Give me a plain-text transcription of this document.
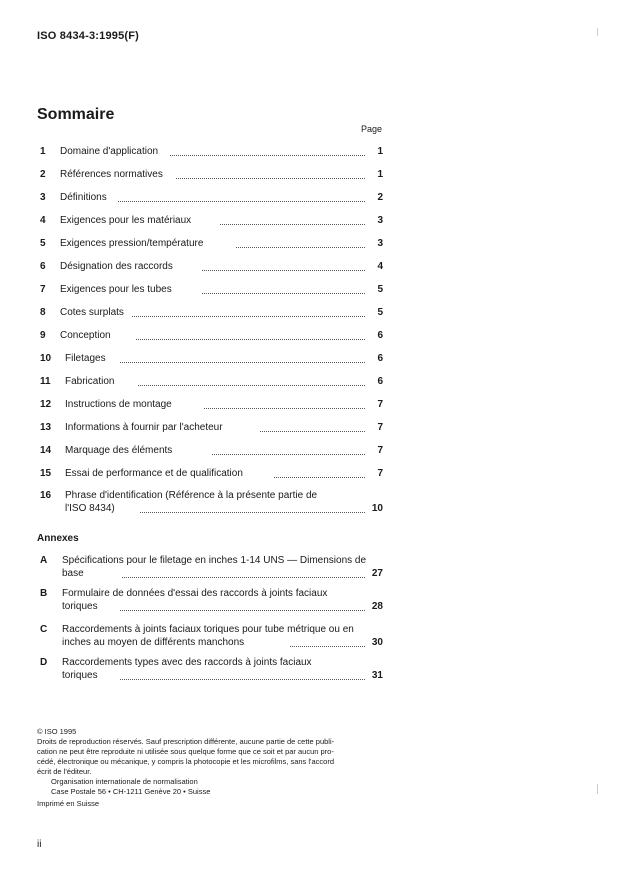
ISO 8434-3:1995(F)
Sommaire
Page
1 Domaine d'application	1
2 Références normatives	1
3 Définitions	2
4 Exigences pour les matériaux	3
5 Exigences pression/température	3
6 Désignation des raccords	4
7 Exigences pour les tubes	5
8 Cotes surplats	5
9 Conception	6
10 Filetages	6
11 Fabrication	6
12 Instructions de montage	7
13 Informations à fournir par l'acheteur	7
14 Marquage des éléments	7
15 Essai de performance et de qualification	7
16 Phrase d'identification (Référence à la présente partie de
l'ISO 8434)	10
Annexes
A Spécifications pour le filetage en inches 1-14 UNS — Dimensions de
base	27
B Formulaire de données d'essai des raccords à joints faciaux
toriques	28
C Raccordements à joints faciaux toriques pour tube métrique ou en
inches au moyen de différents manchons	30
D Raccordements types avec des raccords à joints faciaux
toriques	31

© ISO 1995

Droits de reproduction réservés. Sauf prescription différente, aucune partie de cette publi-

cation ne peut être reproduite ni utilisée sous quelque forme que ce soit et par aucun pro-

cédé, électronique ou mécanique, y compris la photocopie et les microfilms, sans l'accord

écrit de l'éditeur.

Organisation internationale de normalisation

Case Postale 56 • CH-1211 Genève 20 • Suisse

Imprimé en Suisse

ii
